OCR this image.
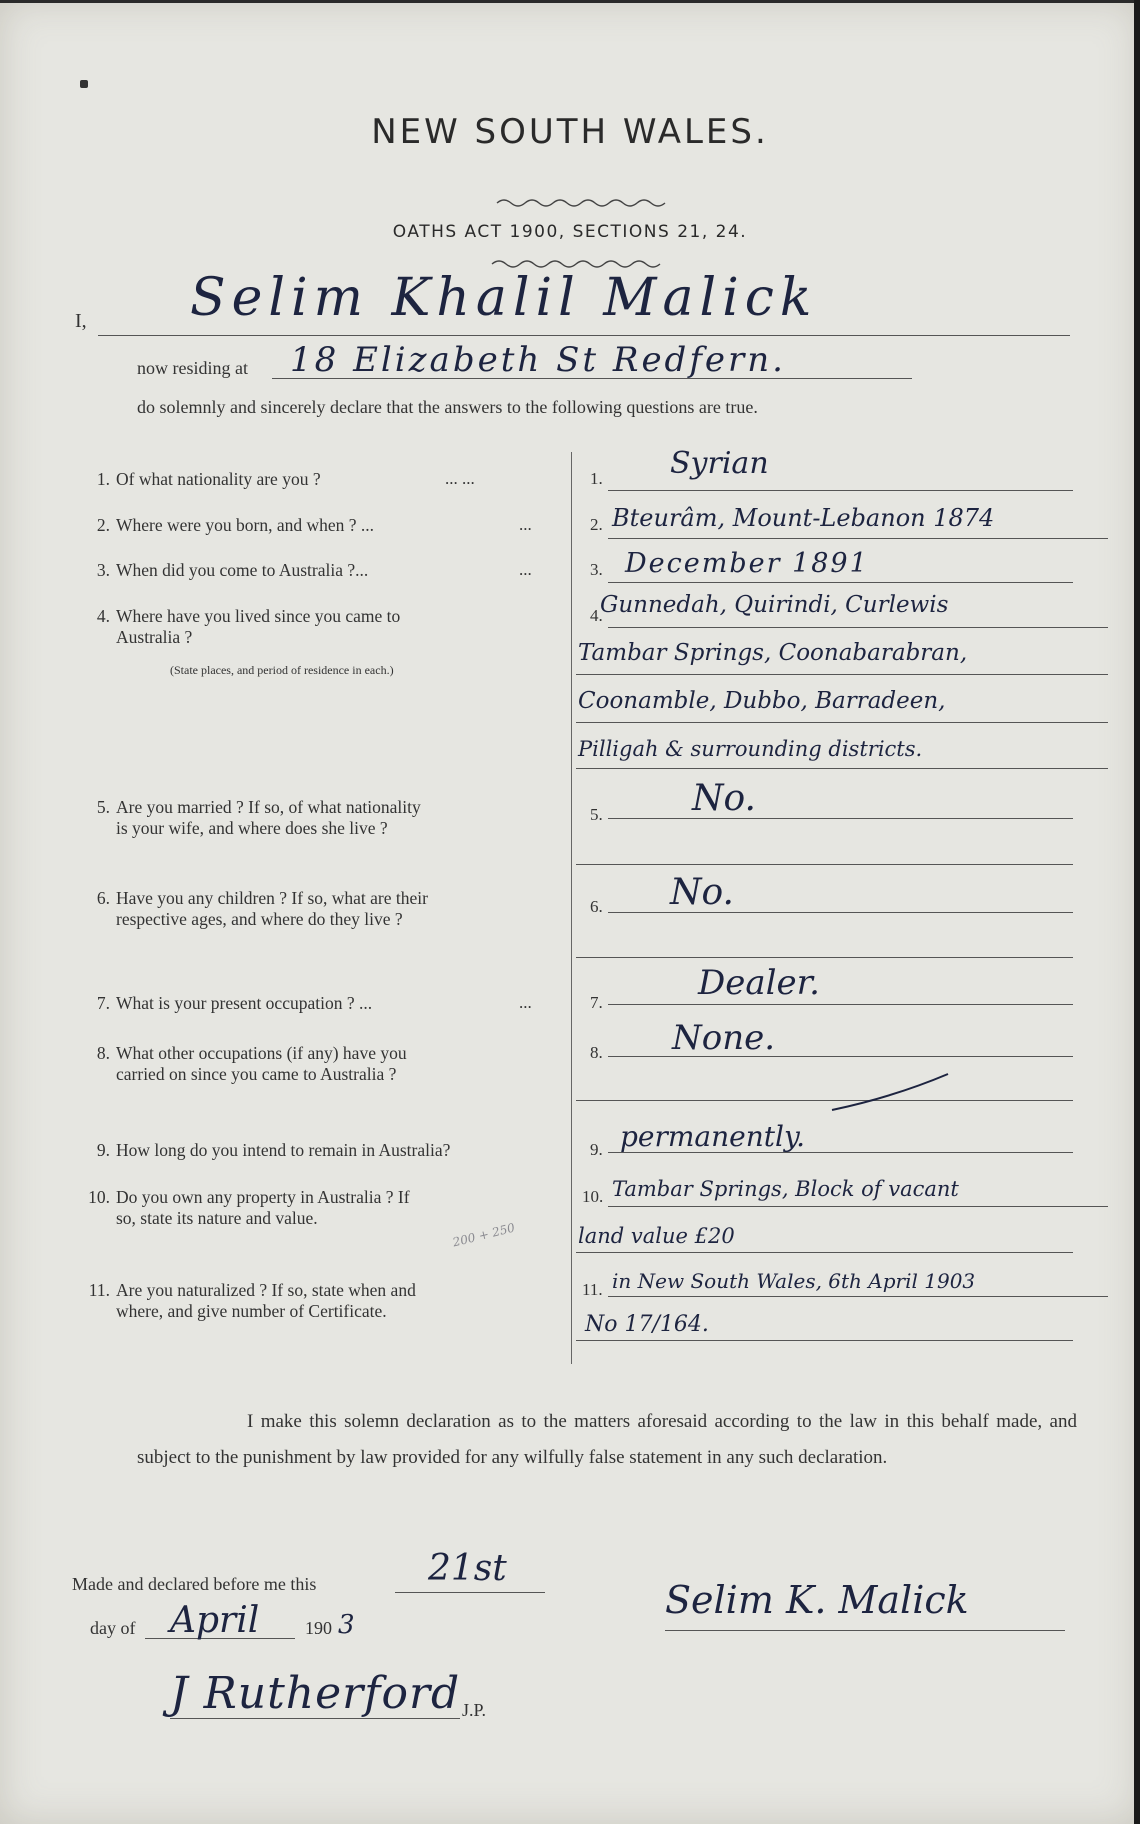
NEW SOUTH WALES.
OATHS ACT 1900, SECTIONS 21, 24.
I, Selim Khalil Malick
now residing at 18 Elizabeth St Redfern.
do solemnly and sincerely declare that the answers to the following questions are true.
1. Of what nationality are you ?	... ...	1. Syrian
2. Where were you born, and when ? ...	...	2. Bteurâm, Mount-Lebanon 1874
3. When did you come to Australia ?...	...	3. December 1891
4. Where have you lived since you came to
Australia ?
(State places, and period of residence in each.)
4.
Gunnedah, Quirindi, Curlewis
Tambar Springs, Coonabarabran,
Coonamble, Dubbo, Barradeen,
Pilligah & surrounding districts.
5. Are you married ? If so, of what nationality
is your wife, and where does she live ?
5. No.
6. Have you any children ? If so, what are their
respective ages, and where do they live ?
6. No.
7. What is your present occupation ? ...	...	7.	Dealer.
8. What other occupations (if any) have you
carried on since you came to Australia ?
8. None.
9. How long do you intend to remain in Australia?	9. permanently.
10. Do you own any property in Australia ? If
so, state its nature and value.
200 + 250
10. Tambar Springs, Block of vacant
land value £20
11. Are you naturalized ? If so, state when and
where, and give number of Certificate.
11. in New South Wales, 6th April 1903
No 17/164.
I make this solemn declaration as to the matters aforesaid according to the law in this behalf made, and subject to the punishment by law provided for any wilfully false statement in any such declaration.
Made and declared before me this	21st
day of April	190 3
J Rutherford J.P.
Selim K. Malick
